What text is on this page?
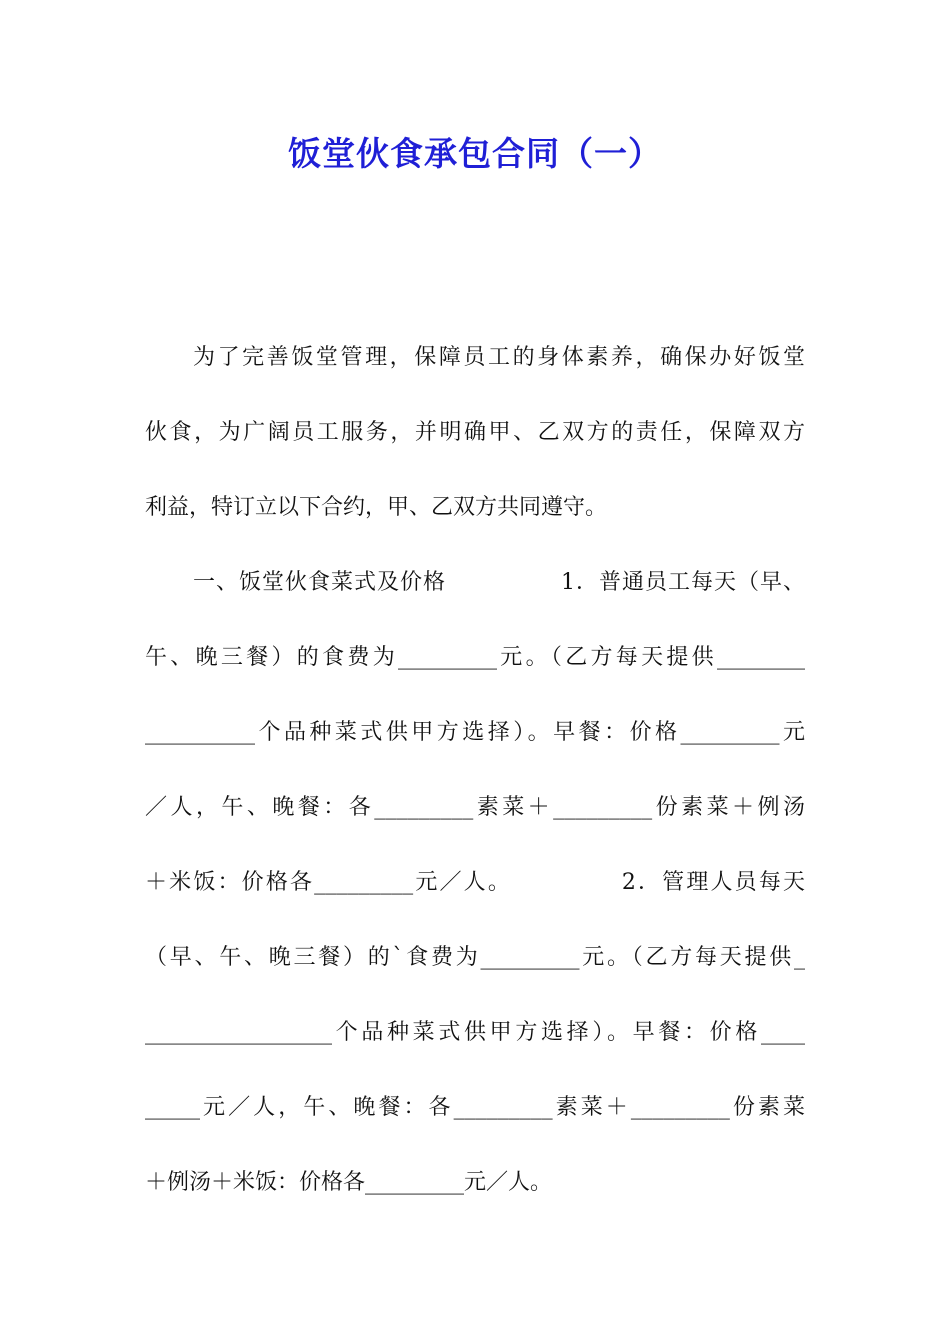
饭堂伙食承包合同（一）
为了完善饭堂管理，保障员工的身体素养，确保办好饭堂
伙食，为广阔员工服务，并明确甲、乙双方的责任，保障双方
利益，特订立以下合约，甲、乙双方共同遵守。
一、饭堂伙食菜式及价格　　　　　1．普通员工每天（早、
午、晚三餐）的食费为_________元。（乙方每天提供________
__________个品种菜式供甲方选择）。早餐：价格_________元
／人，午、晚餐：各_________素菜＋_________份素菜＋例汤
＋米饭：价格各_________元／人。　　　　　2．管理人员每天
（早、午、晚三餐）的`食费为_________元。（乙方每天提供_
_________________个品种菜式供甲方选择）。早餐：价格____
_____元／人，午、晚餐：各_________素菜＋_________份素菜
＋例汤＋米饭：价格各_________元／人。
